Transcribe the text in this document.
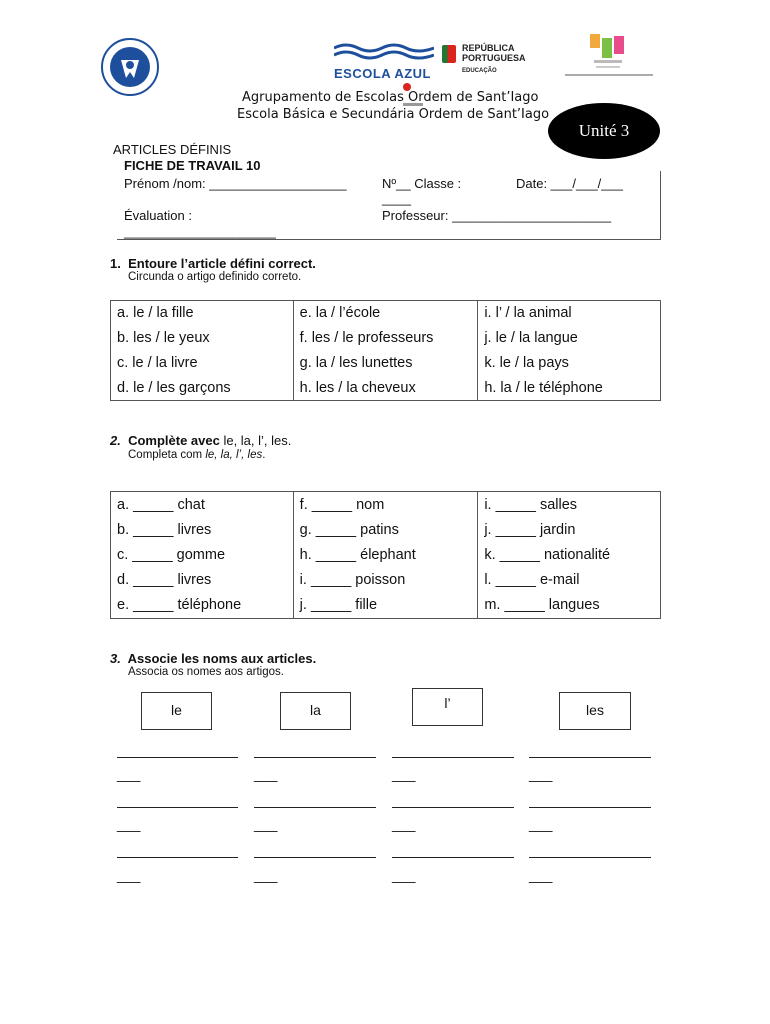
ESCOLA AZUL
REPÚBLICA
PORTUGUESA
EDUCAÇÃO

Agrupamento de Escolas Ordem de Sant’Iago
Escola Básica e Secundária Ordem de Sant’Iago
Unité 3
ARTICLES DÉFINIS
FICHE DE TRAVAIL 10
Prénom /nom: ___________________	Nº__ Classe :	Date: ___/___/___
____
Évaluation :
_____________________
Professeur: ______________________
1. Entoure l’article défini correct.
Circunda o artigo definido correto.
a. le / la fille	e. la / l’école	i. l’ / la animal
b. les / le yeux	f. les / le professeurs	j. le / la langue
c. le / la livre	g. la / les lunettes	k. le / la pays
d. le / les garçons	h. les / la cheveux	h. la / le téléphone
2. Complète avec le, la, l’, les.
Completa com le, la, l’, les.
a. _____ chat	f. _____ nom	i. _____ salles
b. _____ livres	g. _____ patins	j. _____ jardin
c. _____ gomme	h. _____ élephant	k. _____ nationalité
d. _____ livres	i. _____ poisson	l. _____ e-mail
e. _____ téléphone	j. _____ fille	m. _____ langues
3. Associe les noms aux articles.
Associa os nomes aos artigos.
le	la	l’	les
___	___	___	___
___	___	___	___
___	___	___	___
